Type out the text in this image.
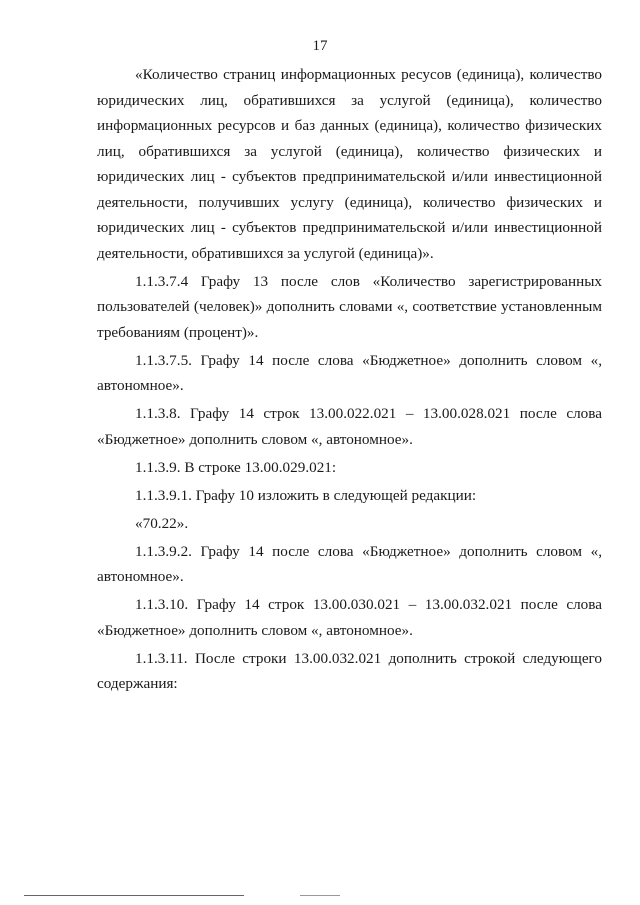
17

«Количество страниц информационных ресусов (единица), количество юридических лиц, обратившихся за услугой (единица), количество информационных ресурсов и баз данных (единица), количество физических лиц, обратившихся за услугой (единица), количество физических и юридических лиц - субъектов предпринимательской и/или инвестиционной деятельности, получивших услугу (единица), количество физических и юридических лиц - субъектов предпринимательской и/или инвестиционной деятельности, обратившихся за услугой (единица)».

1.1.3.7.4 Графу 13 после слов «Количество зарегистрированных пользователей (человек)» дополнить словами «, соответствие установленным требованиям (процент)».

1.1.3.7.5. Графу 14 после слова «Бюджетное» дополнить словом «, автономное».

1.1.3.8. Графу 14 строк 13.00.022.021 – 13.00.028.021 после слова «Бюджетное» дополнить словом «, автономное».

1.1.3.9. В строке 13.00.029.021:

1.1.3.9.1. Графу 10 изложить в следующей редакции:

«70.22».

1.1.3.9.2. Графу 14 после слова «Бюджетное» дополнить словом «, автономное».

1.1.3.10. Графу 14 строк 13.00.030.021 – 13.00.032.021 после слова «Бюджетное» дополнить словом «, автономное».

1.1.3.11. После строки 13.00.032.021 дополнить строкой следующего содержания:
